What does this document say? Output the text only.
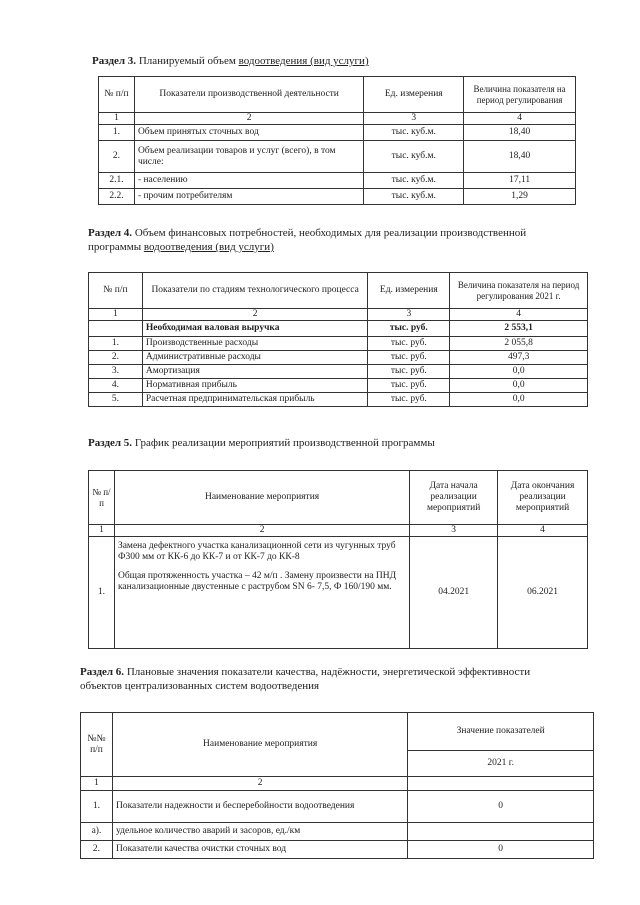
Раздел 3. Планируемый объем водоотведения (вид услуги)
№ п/п	Показатели производственной деятельности	Ед. измерения	Величина показателя на период регулирования
1	2	3	4
1.	Объем принятых сточных вод	тыс. куб.м.	18,40
2.	Объем реализации товаров и услуг (всего), в том числе:	тыс. куб.м.	18,40
2.1.	- населению	тыс. куб.м.	17,11
2.2.	- прочим потребителям	тыс. куб.м.	1,29
Раздел 4. Объем финансовых потребностей, необходимых для реализации производственной
программы водоотведения (вид услуги)
№ п/п	Показатели по стадиям технологического процесса	Ед. измерения	Величина показателя на период регулирования 2021 г.
1	2	3	4
	Необходимая валовая выручка	тыс. руб.	2 553,1
1.	Производственные расходы	тыс. руб.	2 055,8
2.	Административные расходы	тыс. руб.	497,3
3.	Амортизация	тыс. руб.	0,0
4.	Нормативная прибыль	тыс. руб.	0,0
5.	Расчетная предпринимательская прибыль	тыс. руб.	0,0
Раздел 5. График реализации мероприятий производственной программы
№ п/п	Наименование мероприятия	Дата начала реализации мероприятий	Дата окончания реализации мероприятий
1	2	3	4
1.	Замена дефектного участка канализационной сети из чугунных труб Ф300 мм от КК-6 до КК-7 и от КК-7 до КК-8
Общая протяженность участка – 42 м/п . Замену произвести на ПНД канализационные двустенные с раструбом SN 6- 7,5, Ф 160/190 мм.	04.2021	06.2021
Раздел 6. Плановые значения показатели качества, надёжности, энергетической эффективности
объектов централизованных систем водоотведения
№№ п/п	Наименование мероприятия	Значение показателей
		2021 г.
1	2	
1.	Показатели надежности и бесперебойности водоотведения	0
а).	удельное количество аварий и засоров, ед./км	
2.	Показатели качества очистки сточных вод	0
